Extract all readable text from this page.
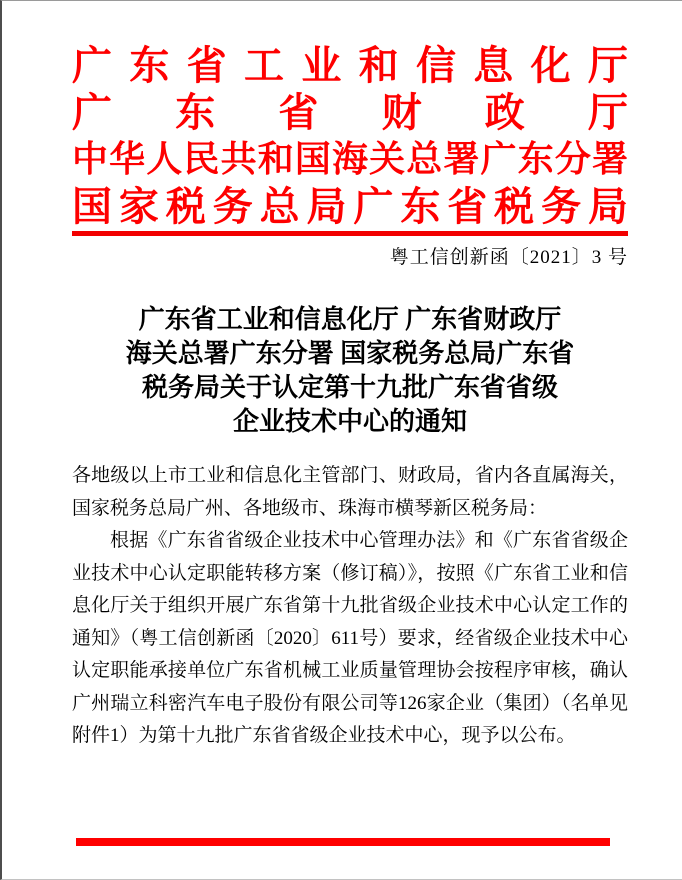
广 东 省 工 业 和 信 息 化 厅
广 东 省 财 政 厅
中 华 人 民 共 和 国 海 关 总 署 广 东 分 署
国 家 税 务 总 局 广 东 省 税 务 局
粤工信创新函〔2021〕3 号
广东省工业和信息化厅 广东省财政厅
海关总署广东分署 国家税务总局广东省
税务局关于认定第十九批广东省省级
企业技术中心的通知

各地级以上市工业和信息化主管部门、财政局，省内各直属海关，国家税务总局广州、各地级市、珠海市横琴新区税务局：

根据《广东省省级企业技术中心管理办法》和《广东省省级企业技术中心认定职能转移方案（修订稿）》，按照《广东省工业和信息化厅关于组织开展广东省第十九批省级企业技术中心认定工作的通知》（粤工信创新函〔2020〕611号）要求，经省级企业技术中心认定职能承接单位广东省机械工业质量管理协会按程序审核，确认广州瑞立科密汽车电子股份有限公司等126家企业（集团）（名单见附件1）为第十九批广东省省级企业技术中心，现予以公布。
